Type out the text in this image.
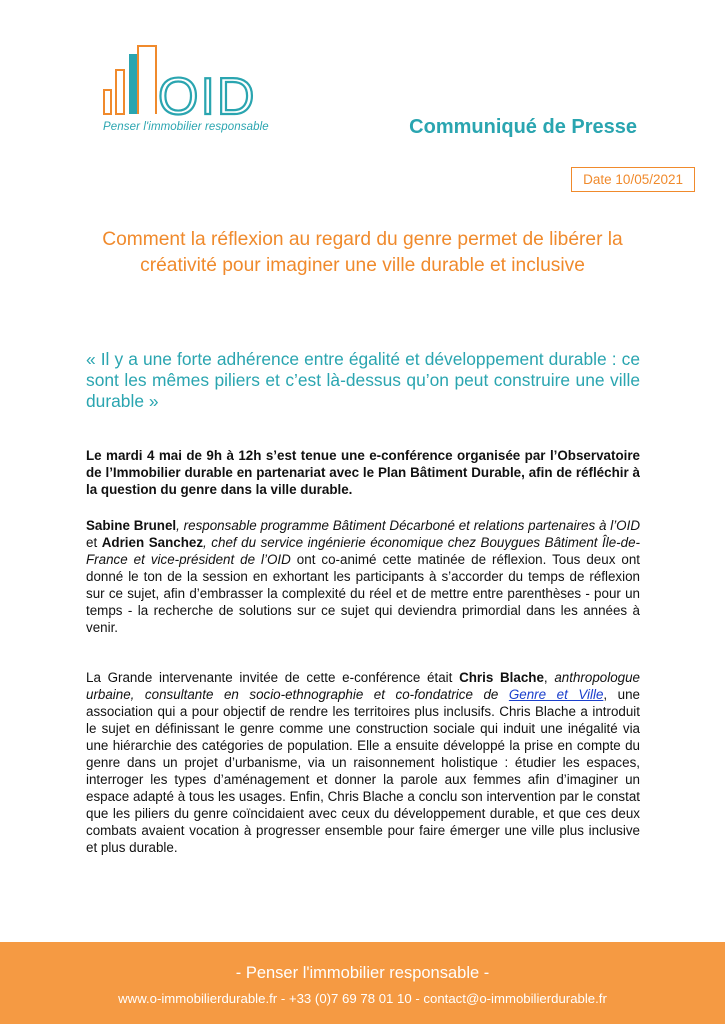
OID
Penser l'immobilier responsable	Communiqué de Presse
Date 10/05/2021
Comment la réflexion au regard du genre permet de libérer la créativité pour imaginer une ville durable et inclusive
« Il y a une forte adhérence entre égalité et développement durable : ce sont les mêmes piliers et c’est là-dessus qu’on peut construire une ville durable »
Le mardi 4 mai de 9h à 12h s’est tenue une e-conférence organisée par l’Observatoire de l’Immobilier durable en partenariat avec le Plan Bâtiment Durable, afin de réfléchir à la question du genre dans la ville durable.
Sabine Brunel, responsable programme Bâtiment Décarboné et relations partenaires à l’OID et Adrien Sanchez, chef du service ingénierie économique chez Bouygues Bâtiment Île-de-France et vice-président de l’OID ont co-animé cette matinée de réflexion. Tous deux ont donné le ton de la session en exhortant les participants à s’accorder du temps de réflexion sur ce sujet, afin d’embrasser la complexité du réel et de mettre entre parenthèses - pour un temps - la recherche de solutions sur ce sujet qui deviendra primordial dans les années à venir.
La Grande intervenante invitée de cette e-conférence était Chris Blache, anthropologue urbaine, consultante en socio-ethnographie et co-fondatrice de Genre et Ville, une association qui a pour objectif de rendre les territoires plus inclusifs. Chris Blache a introduit le sujet en définissant le genre comme une construction sociale qui induit une inégalité via une hiérarchie des catégories de population. Elle a ensuite développé la prise en compte du genre dans un projet d’urbanisme, via un raisonnement holistique : étudier les espaces, interroger les types d’aménagement et donner la parole aux femmes afin d’imaginer un espace adapté à tous les usages. Enfin, Chris Blache a conclu son intervention par le constat que les piliers du genre coïncidaient avec ceux du développement durable, et que ces deux combats avaient vocation à progresser ensemble pour faire émerger une ville plus inclusive et plus durable.
- Penser l'immobilier responsable -
www.o-immobilierdurable.fr - +33 (0)7 69 78 01 10 - contact@o-immobilierdurable.fr
